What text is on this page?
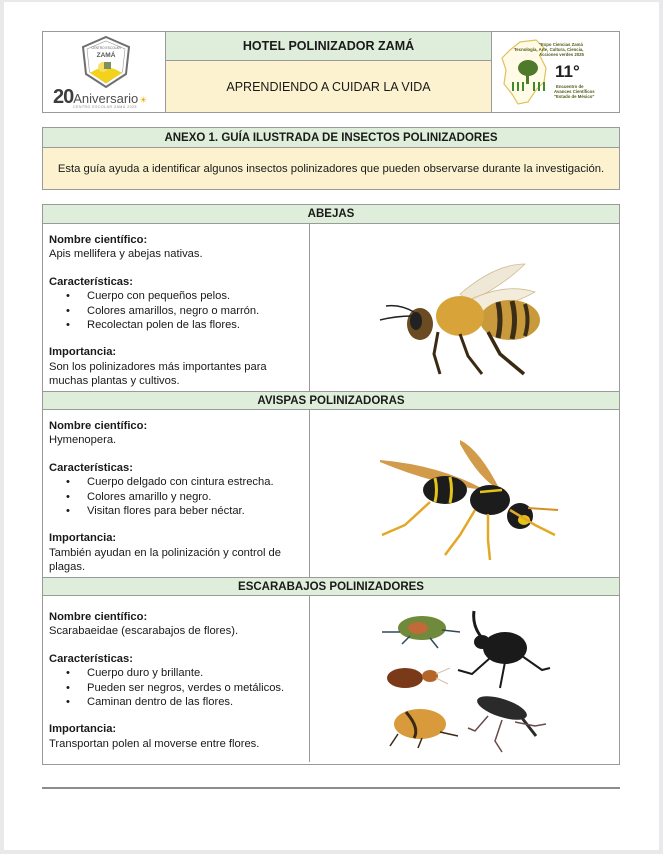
CENTRO ESCOLAR
ZAMÁ
20 Aniversario ☀
CENTRO ESCOLAR ZAMÁ 2025
HOTEL POLINIZADOR ZAMÁ
APRENDIENDO A CUIDAR LA VIDA
"Expo Ciencias Zamá
Tecnología, Arte, Cultura, Ciencia,
Acciones verdes 2025
11°
Encuentro de
Avances Científicos
"Estado de México"
ANEXO 1. GUÍA ILUSTRADA DE INSECTOS POLINIZADORES
Esta guía ayuda a identificar algunos insectos polinizadores que pueden observarse durante la investigación.
ABEJAS
Nombre científico:
Apis mellifera y abejas nativas.
Características:
• Cuerpo con pequeños pelos.
• Colores amarillos, negro o marrón.
• Recolectan polen de las flores.
Importancia:
Son los polinizadores más importantes para muchas plantas y cultivos.
AVISPAS POLINIZADORAS
Nombre científico:
Hymenopera.
Características:
• Cuerpo delgado con cintura estrecha.
• Colores amarillo y negro.
• Visitan flores para beber néctar.
Importancia:
También ayudan en la polinización y control de plagas.
ESCARABAJOS POLINIZADORES
Nombre científico:
Scarabaeidae (escarabajos de flores).
Características:
• Cuerpo duro y brillante.
• Pueden ser negros, verdes o metálicos.
• Caminan dentro de las flores.
Importancia:
Transportan polen al moverse entre flores.
